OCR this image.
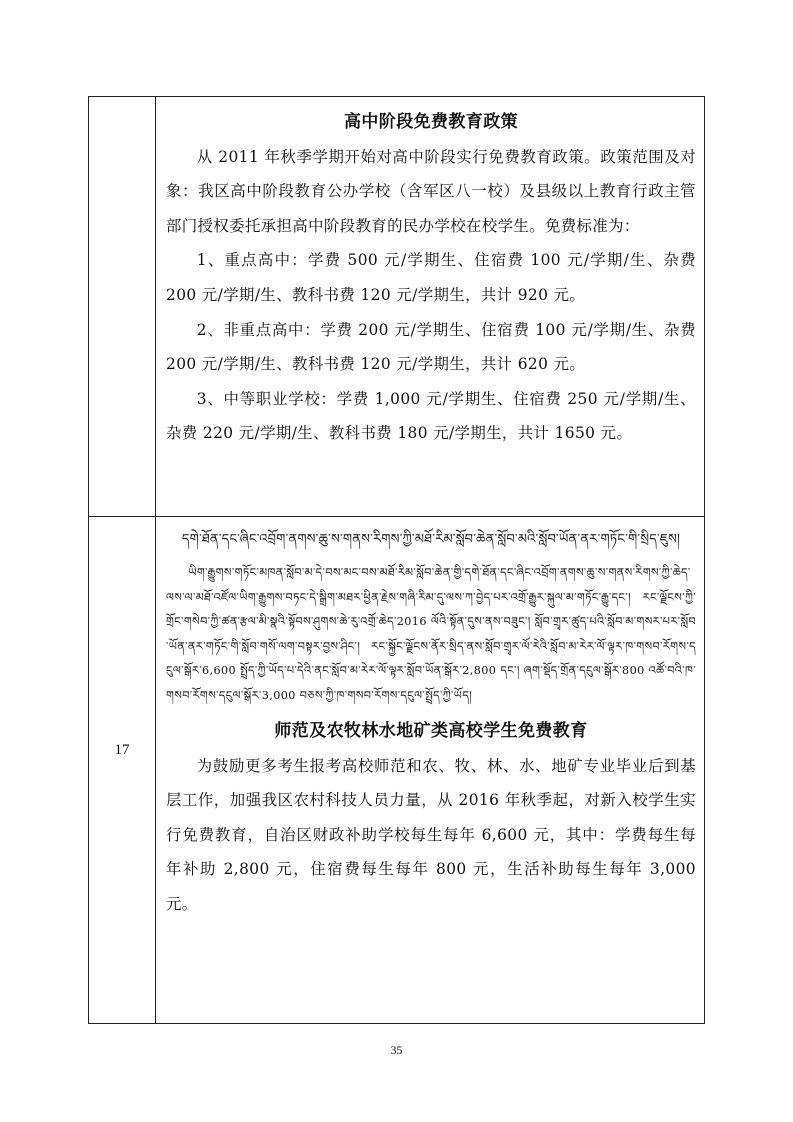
高中阶段免费教育政策
从 2011 年秋季学期开始对高中阶段实行免费教育政策。政策范围及对象：我区高中阶段教育公办学校（含军区八一校）及县级以上教育行政主管部门授权委托承担高中阶段教育的民办学校在校学生。免费标准为：
1、重点高中：学费 500 元/学期生、住宿费 100 元/学期/生、杂费 200 元/学期/生、教科书费 120 元/学期生，共计 920 元。
2、非重点高中：学费 200 元/学期生、住宿费 100 元/学期/生、杂费 200 元/学期/生、教科书费 120 元/学期生，共计 620 元。
3、中等职业学校：学费 1,000 元/学期生、住宿费 250 元/学期/生、杂费 220 元/学期/生、教科书费 180 元/学期生，共计 1650 元。
17
དགེ་ཐོན་དང་ཞིང་འབྲོག་ནགས་ཆུ་ས་གནས་རིགས་ཀྱི་མཐོ་རིམ་སློབ་ཆེན་སློབ་མའི་སློབ་ཡོན་ནར་གཏོང་གི་སྲིད་ཇུས།
ཡིག་རྒྱུགས་གཏོང་མཁན་སློབ་མ་དེ་བས་མང་བས་མཐོ་རིམ་སློབ་ཆེན་གྱི་དགེ་ཐོན་དང་ཞིང་འབྲོག་ནགས་ཆུ་ས་གནས་རིགས་ཀྱི་ཆེད་ལས་ལ་མཐོ་འཛོལ་ཡིག་རྒྱུགས་བཏང་དེ་སྒྲིག་མཐར་ཕྱིན་རྗེས་གཞི་རིམ་དུ་ལས་ཀ་བྱེད་པར་འགྲོ་རྒྱུར་སྐུལ་མ་གཏོང་རྒྱུ་དང་། རང་ལྗོངས་ཀྱི་གྲོང་གསེབ་ཀྱི་ཚན་རྩལ་མི་སྣའི་སྟོབས་ཤུགས་ཆེ་རུ་འགྲོ་ཆེད་2016 ལོའི་སྟོན་དུས་ནས་བཟུང་། སློབ་གྲྭར་ཚུད་པའི་སློབ་མ་གསར་པར་སློབ་ཡོན་ནར་གཏོང་གི་སློབ་གསོ་ལག་བསྟར་བྱས་ཤིང་། རང་སྐྱོང་ལྗོངས་ནོར་སྲིད་ནས་སློབ་གྲྭར་ལོ་རེའི་སློབ་མ་རེར་ལོ་ལྟར་ཁ་གསབ་རོགས་དངུལ་སྒོར་6,600 སྤྲོད་ཀྱི་ཡོད་པ་དེའི་ནང་སློབ་མ་རེར་ལོ་ལྟར་སློབ་ཡོན་སྒོར་2,800 དང་། ཞག་སྡོད་གྲོན་དངུལ་སྒོར་800 འཚོ་བའི་ཁ་གསབ་རོགས་དངུལ་སྒོར་3,000 བཅས་ཀྱི་ཁ་གསབ་རོགས་དངུལ་སྤྲོད་ཀྱི་ཡོད།
师范及农牧林水地矿类高校学生免费教育
为鼓励更多考生报考高校师范和农、牧、林、水、地矿专业毕业后到基层工作，加强我区农村科技人员力量，从 2016 年秋季起，对新入校学生实行免费教育，自治区财政补助学校每生每年 6,600 元，其中：学费每生每年补助 2,800 元，住宿费每生每年 800 元，生活补助每生每年 3,000 元。
35
